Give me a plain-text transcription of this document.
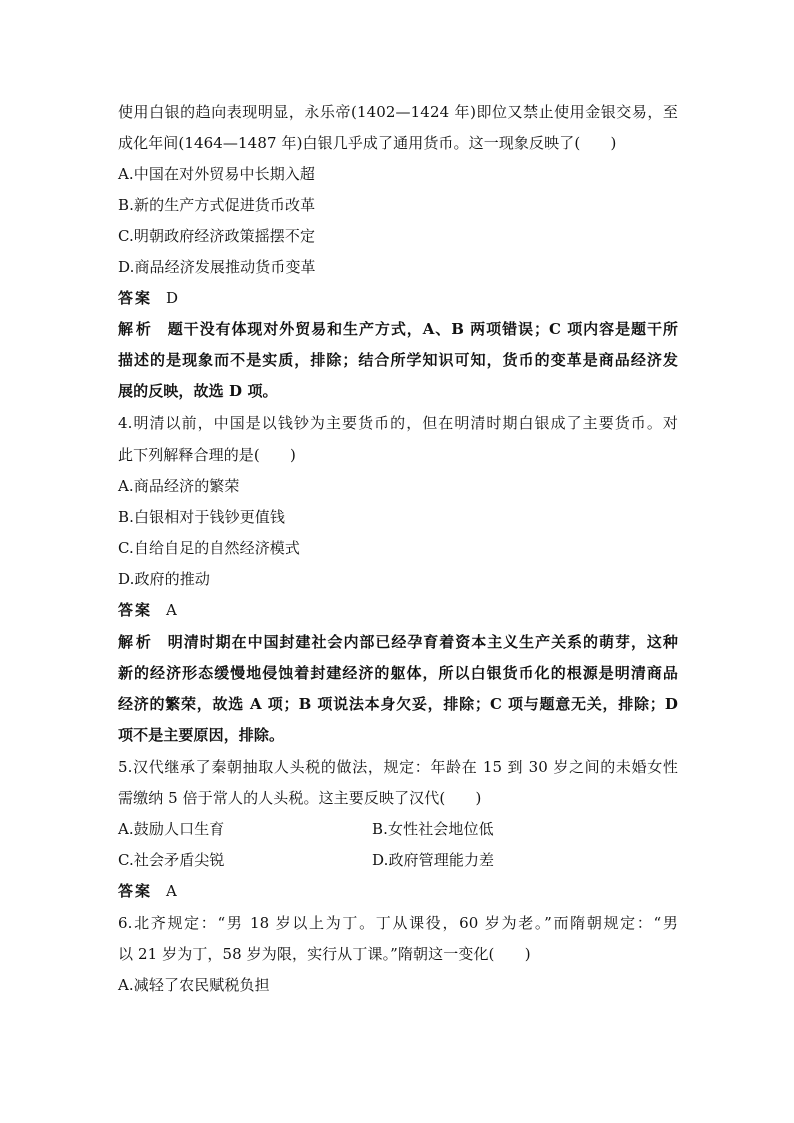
使用白银的趋向表现明显，永乐帝(1402—1424 年)即位又禁止使用金银交易，至
成化年间(1464—1487 年)白银几乎成了通用货币。这一现象反映了(　　)
A.中国在对外贸易中长期入超
B.新的生产方式促进货币改革
C.明朝政府经济政策摇摆不定
D.商品经济发展推动货币变革
答案 D
解析 题干没有体现对外贸易和生产方式，A、B 两项错误；C 项内容是题干所
描述的是现象而不是实质，排除；结合所学知识可知，货币的变革是商品经济发
展的反映，故选 D 项。
4.明清以前，中国是以钱钞为主要货币的，但在明清时期白银成了主要货币。对
此下列解释合理的是(　　)
A.商品经济的繁荣
B.白银相对于钱钞更值钱
C.自给自足的自然经济模式
D.政府的推动
答案 A
解析 明清时期在中国封建社会内部已经孕育着资本主义生产关系的萌芽，这种
新的经济形态缓慢地侵蚀着封建经济的躯体，所以白银货币化的根源是明清商品
经济的繁荣，故选 A 项；B 项说法本身欠妥，排除；C 项与题意无关，排除；D
项不是主要原因，排除。
5.汉代继承了秦朝抽取人头税的做法，规定：年龄在 15 到 30 岁之间的未婚女性
需缴纳 5 倍于常人的人头税。这主要反映了汉代(　　)
A.鼓励人口生育	B.女性社会地位低
C.社会矛盾尖锐	D.政府管理能力差
答案 A
6.北齐规定：“男 18 岁以上为丁。丁从课役，60 岁为老。”而隋朝规定：“男
以 21 岁为丁，58 岁为限，实行从丁课。”隋朝这一变化(　　)
A.减轻了农民赋税负担
